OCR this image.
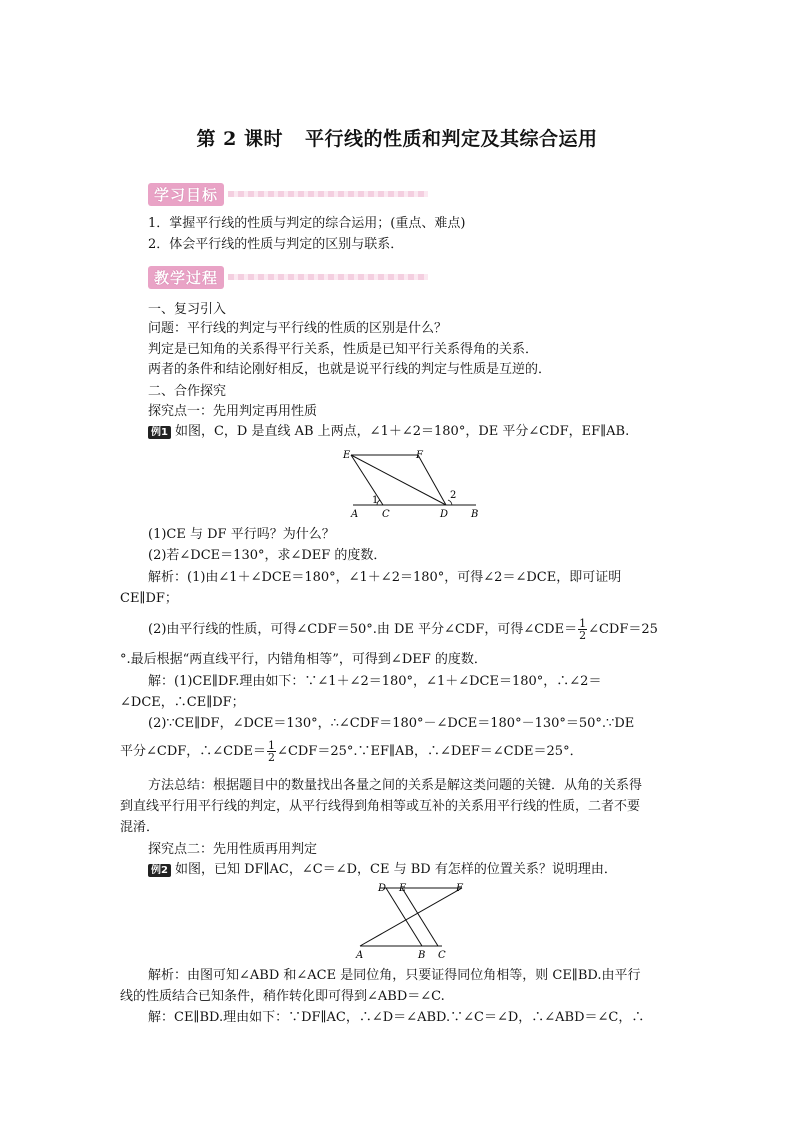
第 2 课时 平行线的性质和判定及其综合运用
学习目标
1．掌握平行线的性质与判定的综合运用；(重点、难点)
2．体会平行线的性质与判定的区别与联系．
教学过程
一、复习引入
问题：平行线的判定与平行线的性质的区别是什么？
判定是已知角的关系得平行关系，性质是已知平行关系得角的关系．
两者的条件和结论刚好相反，也就是说平行线的判定与性质是互逆的．
二、合作探究
探究点一：先用判定再用性质
例1 如图，C，D 是直线 AB 上两点，∠1＋∠2＝180°，DE 平分∠CDF，EF∥AB.
E	F
A C	D B
1	2
(1)CE 与 DF 平行吗？为什么？
(2)若∠DCE＝130°，求∠DEF 的度数．
解析：(1)由∠1＋∠DCE＝180°，∠1＋∠2＝180°，可得∠2＝∠DCE，即可证明
CE∥DF；
(2)由平行线的性质，可得∠CDF＝50°.由 DE 平分∠CDF，可得∠CDE＝ $\frac{1}{2}$ ∠CDF＝25
°.最后根据“两直线平行，内错角相等”，可得到∠DEF 的度数．
解：(1)CE∥DF.理由如下：∵∠1＋∠2＝180°，∠1＋∠DCE＝180°，∴∠2＝
∠DCE，∴CE∥DF；
(2)∵CE∥DF，∠DCE＝130°，∴∠CDF＝180°－∠DCE＝180°－130°＝50°.∵DE
平分∠CDF，∴∠CDE＝ $\frac{1}{2}$ ∠CDF＝25°.∵EF∥AB，∴∠DEF＝∠CDE＝25°．
方法总结：根据题目中的数量找出各量之间的关系是解这类问题的关键．从角的关系得
到直线平行用平行线的判定，从平行线得到角相等或互补的关系用平行线的性质，二者不要
混淆．
探究点二：先用性质再用判定
例2 如图，已知 DF∥AC，∠C＝∠D，CE 与 BD 有怎样的位置关系？说明理由．
D E	F
A	B C
解析：由图可知∠ABD 和∠ACE 是同位角，只要证得同位角相等，则 CE∥BD.由平行
线的性质结合已知条件，稍作转化即可得到∠ABD＝∠C.
解：CE∥BD.理由如下：∵DF∥AC，∴∠D＝∠ABD.∵∠C＝∠D，∴∠ABD＝∠C，∴
